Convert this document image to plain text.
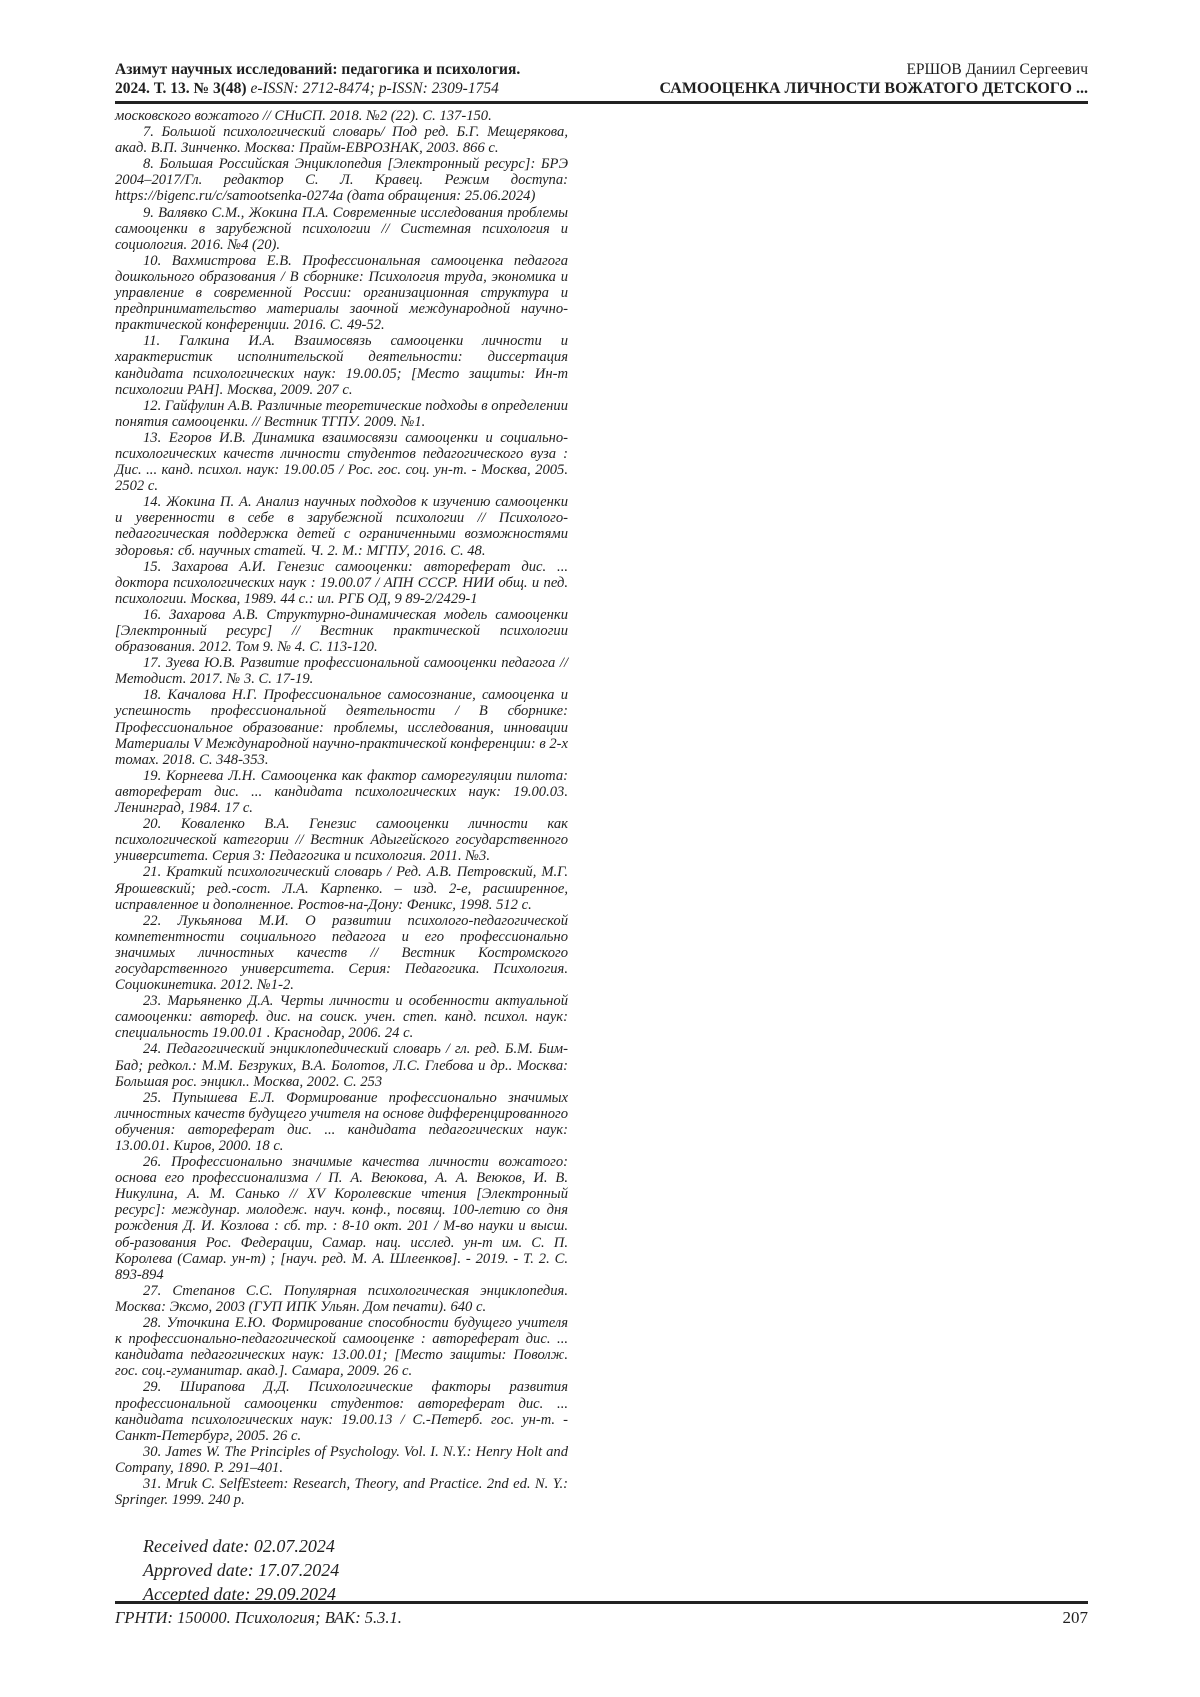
Азимут научных исследований: педагогика и психология.
2024. Т. 13. № 3(48) e-ISSN: 2712-8474; p-ISSN: 2309-1754
ЕРШОВ Даниил Сергеевич
САМООЦЕНКА ЛИЧНОСТИ ВОЖАТОГО ДЕТСКОГО ...

московского вожатого // СНиСП. 2018. №2 (22). С. 137-150.

7. Большой психологический словарь/ Под ред. Б.Г. Мещерякова, акад. В.П. Зинченко. Москва: Прайм-ЕВРОЗНАК, 2003. 866 с.

8. Большая Российская Энциклопедия [Электронный ресурс]: БРЭ 2004–2017/Гл. редактор С. Л. Кравец. Режим доступа: https://bigenc.ru/c/samootsenka-0274a (дата обращения: 25.06.2024)

9. Валявко С.М., Жокина П.А. Современные исследования проблемы самооценки в зарубежной психологии // Системная психология и социология. 2016. №4 (20).

10. Вахмистрова Е.В. Профессиональная самооценка педагога дошкольного образования / В сборнике: Психология труда, экономика и управление в современной России: организационная структура и предпринимательство материалы заочной международной научно-практической конференции. 2016. С. 49-52.

11. Галкина И.А. Взаимосвязь самооценки личности и характеристик исполнительской деятельности: диссертация кандидата психологических наук: 19.00.05; [Место защиты: Ин-т психологии РАН]. Москва, 2009. 207 с.

12. Гайфулин А.В. Различные теоретические подходы в определении понятия самооценки. // Вестник ТГПУ. 2009. №1.

13. Егоров И.В. Динамика взаимосвязи самооценки и социально-психологических качеств личности студентов педагогического вуза : Дис. ... канд. психол. наук: 19.00.05 / Рос. гос. соц. ун-т. - Москва, 2005. 2502 с.

14. Жокина П. А. Анализ научных подходов к изучению самооценки и уверенности в себе в зарубежной психологии // Психолого-педагогическая поддержка детей с ограниченными возможностями здоровья: сб. научных статей. Ч. 2. М.: МГПУ, 2016. С. 48.

15. Захарова А.И. Генезис самооценки: автореферат дис. ... доктора психологических наук : 19.00.07 / АПН СССР. НИИ общ. и пед. психологии. Москва, 1989. 44 с.: ил. РГБ ОД, 9 89-2/2429-1

16. Захарова А.В. Структурно-динамическая модель самооценки [Электронный ресурс] // Вестник практической психологии образования. 2012. Том 9. № 4. С. 113-120.

17. Зуева Ю.В. Развитие профессиональной самооценки педагога //Методист. 2017. № 3. С. 17-19.

18. Качалова Н.Г. Профессиональное самосознание, самооценка и успешность профессиональной деятельности / В сборнике: Профессиональное образование: проблемы, исследования, инновации Материалы V Международной научно-практической конференции: в 2-х томах. 2018. С. 348-353.

19. Корнеева Л.Н. Самооценка как фактор саморегуляции пилота: автореферат дис. ... кандидата психологических наук: 19.00.03. Ленинград, 1984. 17 с.

20. Коваленко В.А. Генезис самооценки личности как психологической категории // Вестник Адыгейского государственного университета. Серия 3: Педагогика и психология. 2011. №3.

21. Краткий психологический словарь / Ред. А.В. Петровский, М.Г. Ярошевский; ред.-сост. Л.А. Карпенко. – изд. 2-е, расширенное, исправленное и дополненное. Ростов-на-Дону: Феникс, 1998. 512 с.

22. Лукьянова М.И. О развитии психолого-педагогической компетентности социального педагога и его профессионально значимых личностных качеств // Вестник Костромского государственного университета. Серия: Педагогика. Психология. Социокинетика. 2012. №1-2.

23. Марьяненко Д.А. Черты личности и особенности актуальной самооценки: автореф. дис. на соиск. учен. степ. канд. психол. наук: специальность 19.00.01 . Краснодар, 2006. 24 с.

24. Педагогический энциклопедический словарь / гл. ред. Б.М. Бим-Бад; редкол.: М.М. Безруких, В.А. Болотов, Л.С. Глебова и др.. Москва: Большая рос. энцикл.. Москва, 2002. С. 253

25. Пупышева Е.Л. Формирование профессионально значимых личностных качеств будущего учителя на основе дифференцированного обучения: автореферат дис. ... кандидата педагогических наук: 13.00.01. Киров, 2000. 18 с.

26. Профессионально значимые качества личности вожатого: основа его профессионализма / П. А. Веюкова, А. А. Веюков, И. В. Никулина, А. М. Санько // XV Королевские чтения [Электронный ресурс]: междунар. молодеж. науч. конф., посвящ. 100-летию со дня рождения Д. И. Козлова : сб. тр. : 8-10 окт. 201 / М-во науки и высш. об-разования Рос. Федерации, Самар. нац. исслед. ун-т им. С. П. Королева (Самар. ун-т) ; [науч. ред. М. А. Шлеенков]. - 2019. - Т. 2. С. 893-894

27. Степанов С.С. Популярная психологическая энциклопедия. Москва: Эксмо, 2003 (ГУП ИПК Ульян. Дом печати). 640 с.

28. Уточкина Е.Ю. Формирование способности будущего учителя к профессионально-педагогической самооценке : автореферат дис. ... кандидата педагогических наук: 13.00.01; [Место защиты: Поволж. гос. соц.-гуманитар. акад.]. Самара, 2009. 26 с.

29. Ширапова Д.Д. Психологические факторы развития профессиональной самооценки студентов: автореферат дис. ... кандидата психологических наук: 19.00.13 / С.-Петерб. гос. ун-т. - Санкт-Петербург, 2005. 26 с.

30. James W. The Principles of Psychology. Vol. I. N.Y.: Henry Holt and Company, 1890. P. 291–401.

31. Mruk C. SelfEsteem: Research, Theory, and Practice. 2nd ed. N. Y.: Springer. 1999. 240 p.

Received date: 02.07.2024
Approved date: 17.07.2024
Accepted date: 29.09.2024
ГРНТИ: 150000. Психология; ВАК: 5.3.1.	207
